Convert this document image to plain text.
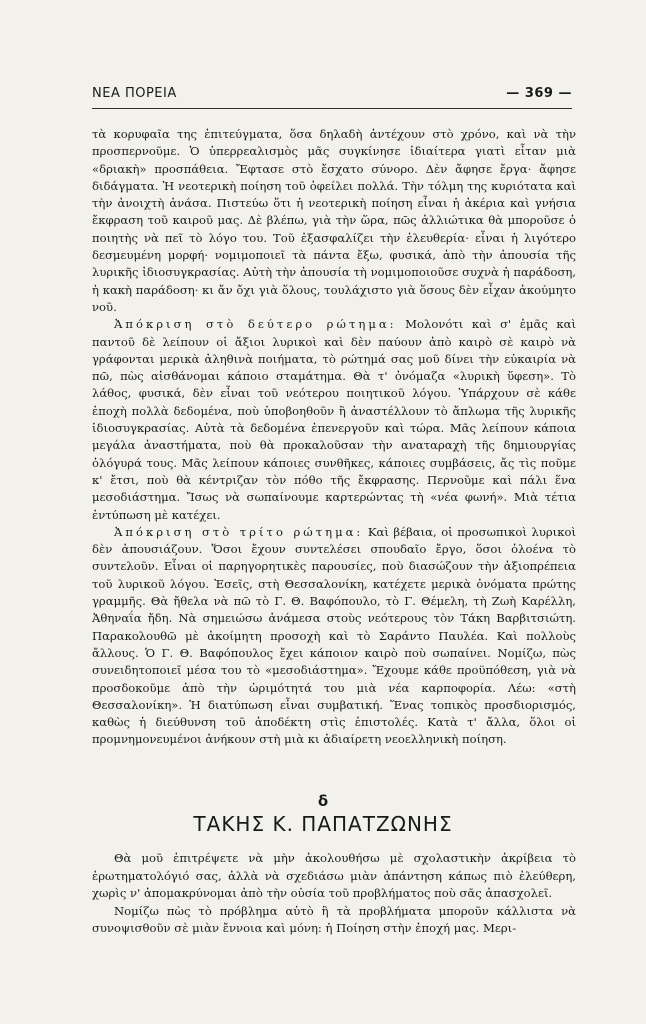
ΝΕΑ ΠΟΡΕΙΑ	— 369 —

τὰ κορυφαῖα της ἐπιτεύγματα, ὅσα δηλαδὴ ἀντέχουν στὸ χρόνο, καὶ νὰ τὴν προσπερνοῦμε. Ὁ ὑπερρεαλισμὸς μᾶς συγκίνησε ἰδιαίτερα γιατὶ εἶταν μιὰ «δριακὴ» προσπάθεια. Ἔφτασε στὸ ἔσχατο σύνορο. Δὲν ἄφησε ἔργα· ἄφησε διδάγματα. Ἡ νεοτερικὴ ποίηση τοῦ ὀφείλει πολλά. Τὴν τόλμη της κυριότατα καὶ τὴν ἀνοιχτὴ ἀνάσα. Πιστεύω ὅτι ἡ νεοτερικὴ ποίηση εἶναι ἡ ἀκέρια καὶ γνήσια ἔκφραση τοῦ καιροῦ μας. Δὲ βλέπω, γιὰ τὴν ὥρα, πῶς ἀλλιώτικα θὰ μποροῦσε ὁ ποιητὴς νὰ πεῖ τὸ λόγο του. Τοῦ ἐξασφαλίζει τὴν ἐλευθερία· εἶναι ἡ λιγότερο δεσμευμένη μορφή· νομιμοποιεῖ τὰ πάντα ἔξω, φυσικά, ἀπὸ τὴν ἀπουσία τῆς λυρικῆς ἰδιοσυγκρασίας. Αὐτὴ τὴν ἀπουσία τὴ νομιμοποιοῦσε συχνὰ ἡ παράδοση, ἡ κακὴ παράδοση· κι ἄν ὄχι γιὰ ὅλους, τουλάχιστο γιὰ ὅσους δὲν εἶχαν ἀκούμητο νοῦ.

Ἀπόκριση στὸ δεύτερο ρώτημα: Μολονότι καὶ σ' ἐμᾶς καὶ παντοῦ δὲ λείπουν οἱ ἄξιοι λυρικοὶ καὶ δὲν παύουν ἀπὸ καιρὸ σὲ καιρὸ νὰ γράφονται μερικὰ ἀληθινὰ ποιήματα, τὸ ρώτημά σας μοῦ δίνει τὴν εὐκαιρία νὰ πῶ, πὼς αἰσθάνομαι κάποιο σταμάτημα. Θὰ τ' ὀνόμαζα «λυρικὴ ὕφεση». Τὸ λάθος, φυσικά, δὲν εἶναι τοῦ νεότερου ποιητικοῦ λόγου. Ὑπάρχουν σὲ κάθε ἐποχὴ πολλὰ δεδομένα, ποὺ ὑποβοηθοῦν ἢ ἀναστέλλουν τὸ ἄπλωμα τῆς λυρικῆς ἰδιοσυγκρασίας. Αὐτὰ τὰ δεδομένα ἐπενεργοῦν καὶ τώρα. Μᾶς λείπουν κάποια μεγάλα ἀναστήματα, ποὺ θὰ προκαλοῦσαν τὴν αναταραχὴ τῆς δημιουργίας ὀλόγυρά τους. Μᾶς λείπουν κάποιες συνθῆκες, κάποιες συμβάσεις, ἄς τὶς ποῦμε κ' ἔτσι, ποὺ θὰ κέντριζαν τὸν πόθο τῆς ἔκφρασης. Περνοῦμε καὶ πάλι ἕνα μεσοδιάστημα. Ἴσως νὰ σωπαίνουμε καρτερώντας τὴ «νέα φωνή». Μιὰ τέτια ἐντύπωση μὲ κατέχει.

Ἀπόκριση στὸ τρίτο ρώτημα: Καὶ βέβαια, οἱ προσωπικοὶ λυρικοὶ δὲν ἀπουσιάζουν. Ὅσοι ἔχουν συντελέσει σπουδαῖο ἔργο, ὅσοι ὁλοένα τὸ συντελοῦν. Εἶναι οἱ παρηγορητικὲς παρουσίες, ποὺ διασώζουν τὴν ἀξιοπρέπεια τοῦ λυρικοῦ λόγου. Ἐσεῖς, στὴ Θεσσαλονίκη, κατέχετε μερικὰ ὀνόματα πρώτης γραμμῆς. Θὰ ἤθελα νὰ πῶ τὸ Γ. Θ. Βαφόπουλο, τὸ Γ. Θέμελη, τὴ Ζωὴ Καρέλλη, Ἀθηναΐα ἤδη. Νὰ σημειώσω ἀνάμεσα στοὺς νεότερους τὸν Τάκη Βαρβιτσιώτη. Παρακολουθῶ μὲ ἀκοίμητη προσοχὴ καὶ τὸ Σαράντο Παυλέα. Καὶ πολλοὺς ἄλλους. Ὁ Γ. Θ. Βαφόπουλος ἔχει κάποιον καιρὸ ποὺ σωπαίνει. Νομίζω, πὼς συνειδητοποιεῖ μέσα του τὸ «μεσοδιάστημα». Ἔχουμε κάθε προϋπόθεση, γιὰ νὰ προσδοκοῦμε ἀπὸ τὴν ὡριμότητά του μιὰ νέα καρποφορία. Λέω: «στὴ Θεσσαλονίκη». Ἡ διατύπωση εἶναι συμβατική. Ἕνας τοπικὸς προσδιορισμός, καθὼς ἡ διεύθυνση τοῦ ἀποδέκτη στὶς ἐπιστολές. Κατὰ τ' ἄλλα, ὅλοι οἱ προμνημονευμένοι ἀνήκουν στὴ μιὰ κι ἀδιαίρετη νεοελληνικὴ ποίηση.

δ
ΤΑΚΗΣ Κ. ΠΑΠΑΤΖΩΝΗΣ

Θὰ μοῦ ἐπιτρέψετε νὰ μὴν ἀκολουθήσω μὲ σχολαστικὴν ἀκρίβεια τὸ ἐρωτηματολόγιό σας, ἀλλὰ νὰ σχεδιάσω μιὰν ἀπάντηση κάπως πιὸ ἐλεύθερη, χωρὶς ν' ἀπομακρύνομαι ἀπὸ τὴν οὐσία τοῦ προβλήματος ποὺ σᾶς ἀπασχολεῖ.

Νομίζω πὼς τὸ πρόβλημα αὐτὸ ἢ τὰ προβλήματα μποροῦν κάλλιστα νὰ συνοψισθοῦν σὲ μιὰν ἔννοια καὶ μόνη: ἡ Ποίηση στὴν ἐποχή μας. Μερι-
